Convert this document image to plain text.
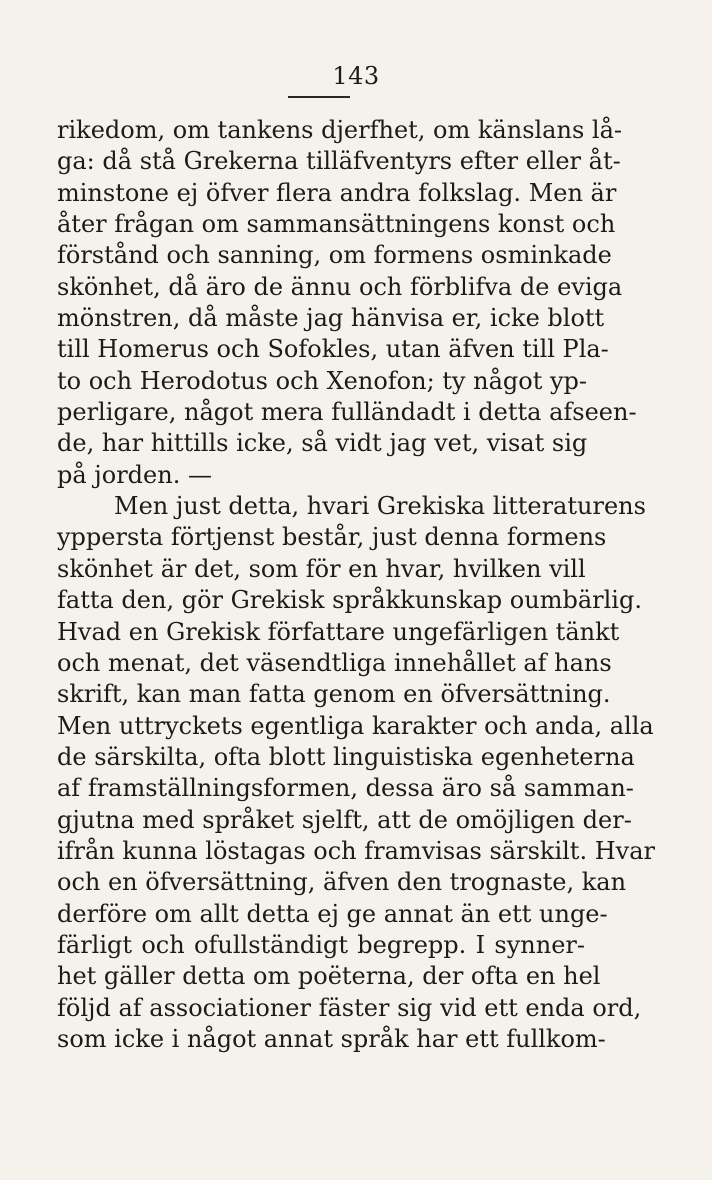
143
rikedom, om tankens djerfhet, om känslans lå-
ga: då stå Grekerna tilläfventyrs efter eller åt-
minstone ej öfver flera andra folkslag. Men är
åter frågan om sammansättningens konst och
förstånd och sanning, om formens osminkade
skönhet, då äro de ännu och förblifva de eviga
mönstren, då måste jag hänvisa er, icke blott
till Homerus och Sofokles, utan äfven till Pla-
to och Herodotus och Xenofon; ty något yp-
perligare, något mera fulländadt i detta afseen-
de, har hittills icke, så vidt jag vet, visat sig
på jorden. —
Men just detta, hvari Grekiska litteraturens
yppersta förtjenst består, just denna formens
skönhet är det, som för en hvar, hvilken vill
fatta den, gör Grekisk språkkunskap oumbärlig.
Hvad en Grekisk författare ungefärligen tänkt
och menat, det väsendtliga innehållet af hans
skrift, kan man fatta genom en öfversättning.
Men uttryckets egentliga karakter och anda, alla
de särskilta, ofta blott linguistiska egenheterna
af framställningsformen, dessa äro så samman-
gjutna med språket sjelft, att de omöjligen der-
ifrån kunna löstagas och framvisas särskilt. Hvar
och en öfversättning, äfven den trognaste, kan
derföre om allt detta ej ge annat än ett unge-
färligt och ofullständigt begrepp. I synner-
het gäller detta om poëterna, der ofta en hel
följd af associationer fäster sig vid ett enda ord,
som icke i något annat språk har ett fullkom-
